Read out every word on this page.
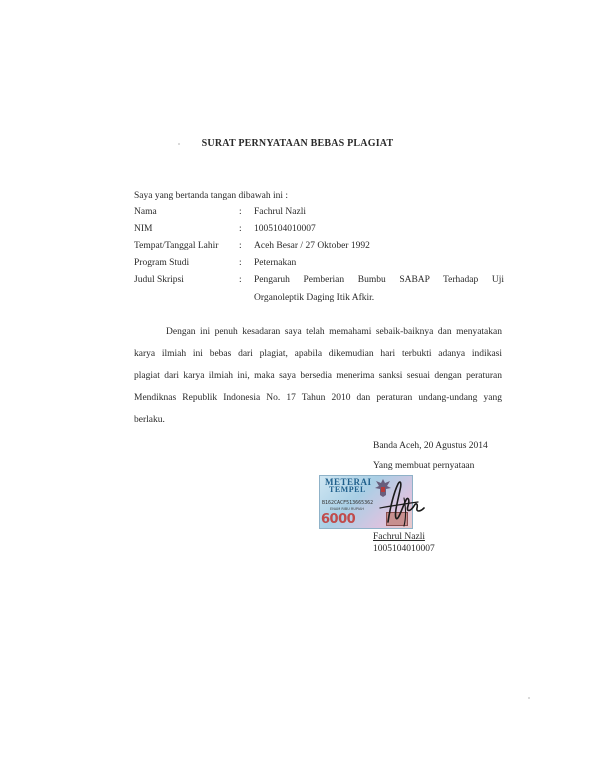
SURAT PERNYATAAN BEBAS PLAGIAT
Saya yang bertanda tangan dibawah ini :
Nama	: Fachrul Nazli
NIM	: 1005104010007
Tempat/Tanggal Lahir : Aceh Besar / 27 Oktober 1992
Program Studi	: Peternakan
Judul Skripsi	: Pengaruh Pemberian Bumbu SABAP Terhadap Uji
Organoleptik Daging Itik Afkir.
Dengan ini penuh kesadaran saya telah memahami sebaik-baiknya dan menyatakan
karya ilmiah ini bebas dari plagiat, apabila dikemudian hari terbukti adanya indikasi
plagiat dari karya ilmiah ini, maka saya bersedia menerima sanksi sesuai dengan peraturan
Mendiknas Republik Indonesia No. 17 Tahun 2010 dan peraturan undang-undang yang
berlaku.
Banda Aceh, 20 Agustus 2014
Yang membuat pernyataan
METERAI
TEMPEL
B162CACF513665362
ENAM RIBU RUPIAH
6000
Fachrul Nazli
1005104010007
